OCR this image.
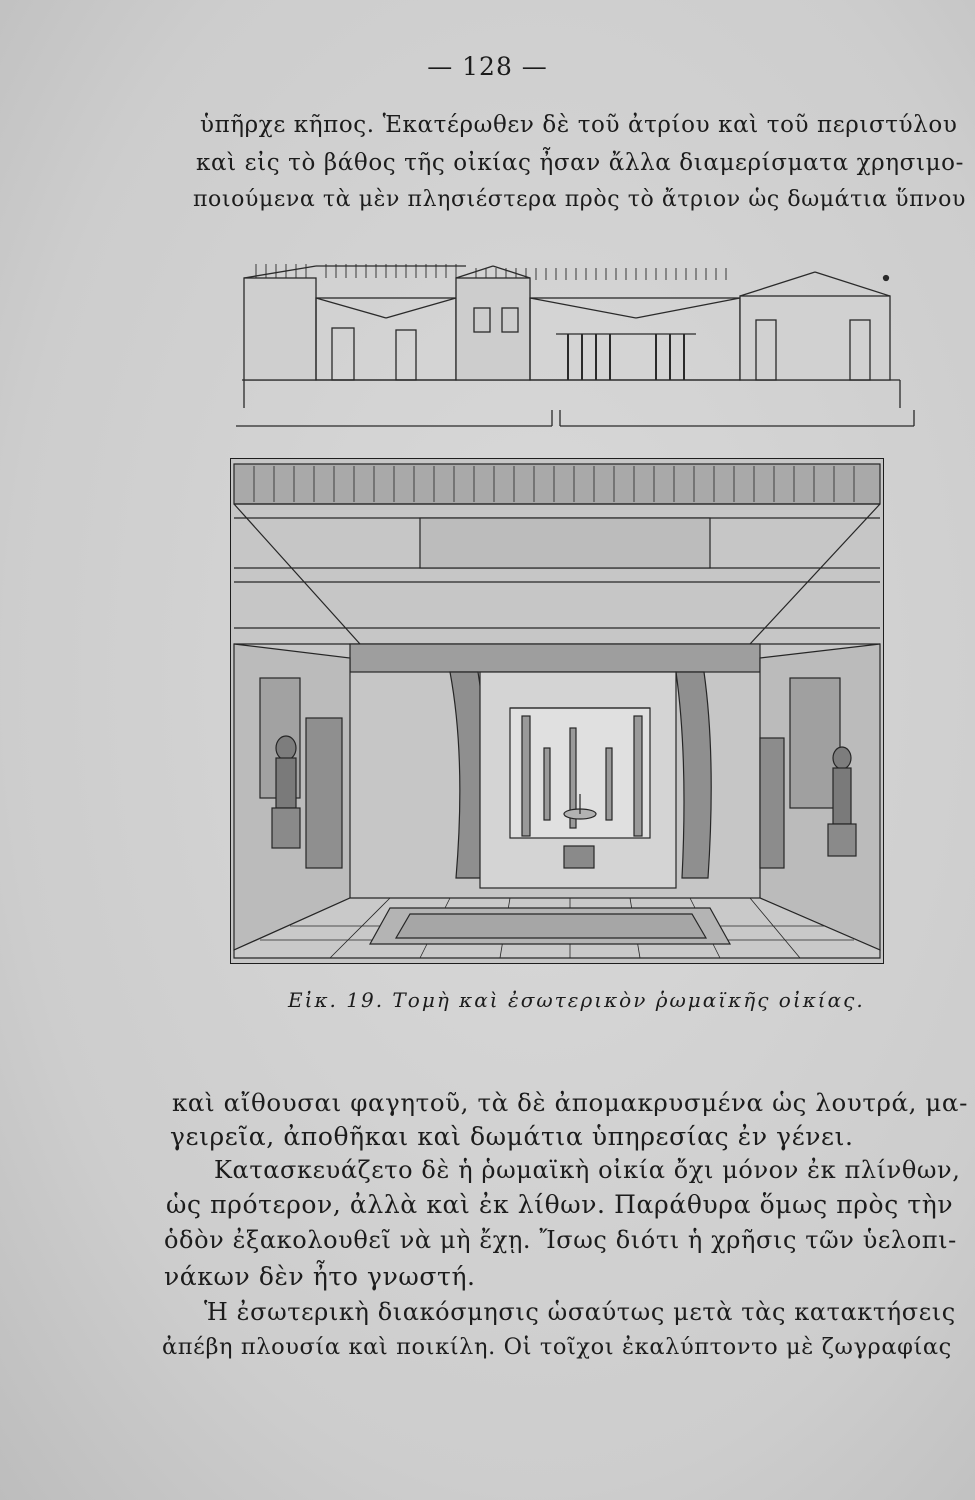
— 128 —
ὑπῆρχε κῆπος. Ἑκατέρωθεν δὲ τοῦ ἀτρίου καὶ τοῦ περιστύλου
καὶ εἰς τὸ βάθος τῆς οἰκίας ἦσαν ἄλλα διαμερίσματα χρησιμο-
ποιούμενα τὰ μὲν πλησιέστερα πρὸς τὸ ἄτριον ὡς δωμάτια ὕπνου
Εἰκ. 19. Τομὴ καὶ ἐσωτερικὸν ῥωμαϊκῆς οἰκίας.
καὶ αἴθουσαι φαγητοῦ, τὰ δὲ ἀπομακρυσμένα ὡς λουτρά, μα-
γειρεῖα, ἀποθῆκαι καὶ δωμάτια ὑπηρεσίας ἐν γένει.
Κατασκευάζετο δὲ ἡ ῥωμαϊκὴ οἰκία ὄχι μόνον ἐκ πλίνθων,
ὡς πρότερον, ἀλλὰ καὶ ἐκ λίθων. Παράθυρα ὅμως πρὸς τὴν
ὁδὸν ἐξακολουθεῖ νὰ μὴ ἔχῃ. Ἴσως διότι ἡ χρῆσις τῶν ὑελοπι-
νάκων δὲν ἦτο γνωστή.
Ἡ ἐσωτερικὴ διακόσμησις ὡσαύτως μετὰ τὰς κατακτήσεις
ἀπέβη πλουσία καὶ ποικίλη. Οἱ τοῖχοι ἐκαλύπτοντο μὲ ζωγραφίας
